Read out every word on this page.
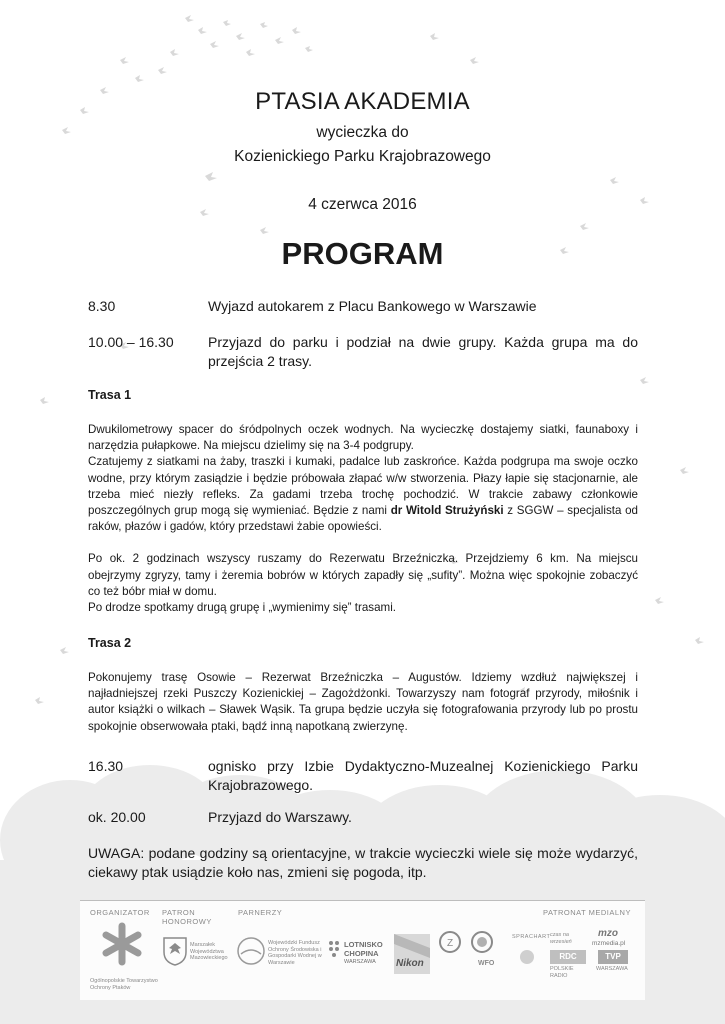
PTASIA AKADEMIA
wycieczka do
Kozienickiego Parku Krajobrazowego
4 czerwca 2016
PROGRAM
8.30	Wyjazd autokarem z Placu Bankowego w Warszawie
10.00 – 16.30	Przyjazd do parku i podział na dwie grupy. Każda grupa ma do przejścia 2 trasy.
Trasa 1

Dwukilometrowy spacer do śródpolnych oczek wodnych. Na wycieczkę dostajemy siatki, faunaboxy i narzędzia pułapkowe. Na miejscu dzielimy się na 3-4 podgrupy.

Czatujemy z siatkami na żaby, traszki i kumaki, padalce lub zaskrońce. Każda podgrupa ma swoje oczko wodne, przy którym zasiądzie i będzie próbowała złapać w/w stworzenia. Płazy łapie się stacjonarnie, ale trzeba mieć niezły refleks. Za gadami trzeba trochę pochodzić. W trakcie zabawy członkowie poszczególnych grup mogą się wymieniać. Będzie z nami dr Witold Strużyński z SGGW – specjalista od raków, płazów i gadów, który przedstawi żabie opowieści.

Po ok. 2 godzinach wszyscy ruszamy do Rezerwatu Brzeźniczka. Przejdziemy 6 km. Na miejscu obejrzymy zgryzy, tamy i żeremia bobrów w których zapadły się „sufity”. Można więc spokojnie zobaczyć co też bóbr miał w domu.

Po drodze spotkamy drugą grupę i „wymienimy się” trasami.

Trasa 2

Pokonujemy trasę Osowie – Rezerwat Brzeźniczka – Augustów. Idziemy wzdłuż największej i najładniejszej rzeki Puszczy Kozienickiej – Zagożdżonki. Towarzyszy nam fotograf przyrody, miłośnik i autor książki o wilkach – Sławek Wąsik. Ta grupa będzie uczyła się fotografowania przyrody lub po prostu spokojnie obserwowała ptaki, bądź inną napotkaną zwierzynę.

16.30	ognisko przy Izbie Dydaktyczno-Muzealnej Kozienickiego Parku Krajobrazowego.
ok. 20.00	Przyjazd do Warszawy.
UWAGA: podane godziny są orientacyjne, w trakcie wycieczki wiele się może wydarzyć, ciekawy ptak usiądzie koło nas, zmieni się pogoda, itp.
ORGANIZATOR PATRON
HONOROWY
PARNERZY	PATRONAT MEDIALNY
Ogólnopolskie Towarzystwo Ochrony Ptaków
Marszałek Województwa Mazowieckiego
Wojewódzki Fundusz Ochrony Środowiska i Gospodarki Wodnej w Warszawie
LOTNISKO
CHOPINA
WARSZAWA	Nikon
Z
WFO
SPRACHART czas na wrzesień
mzo
mzmedia.pl
RDC
POLSKIE RADIO
TVP
WARSZAWA
